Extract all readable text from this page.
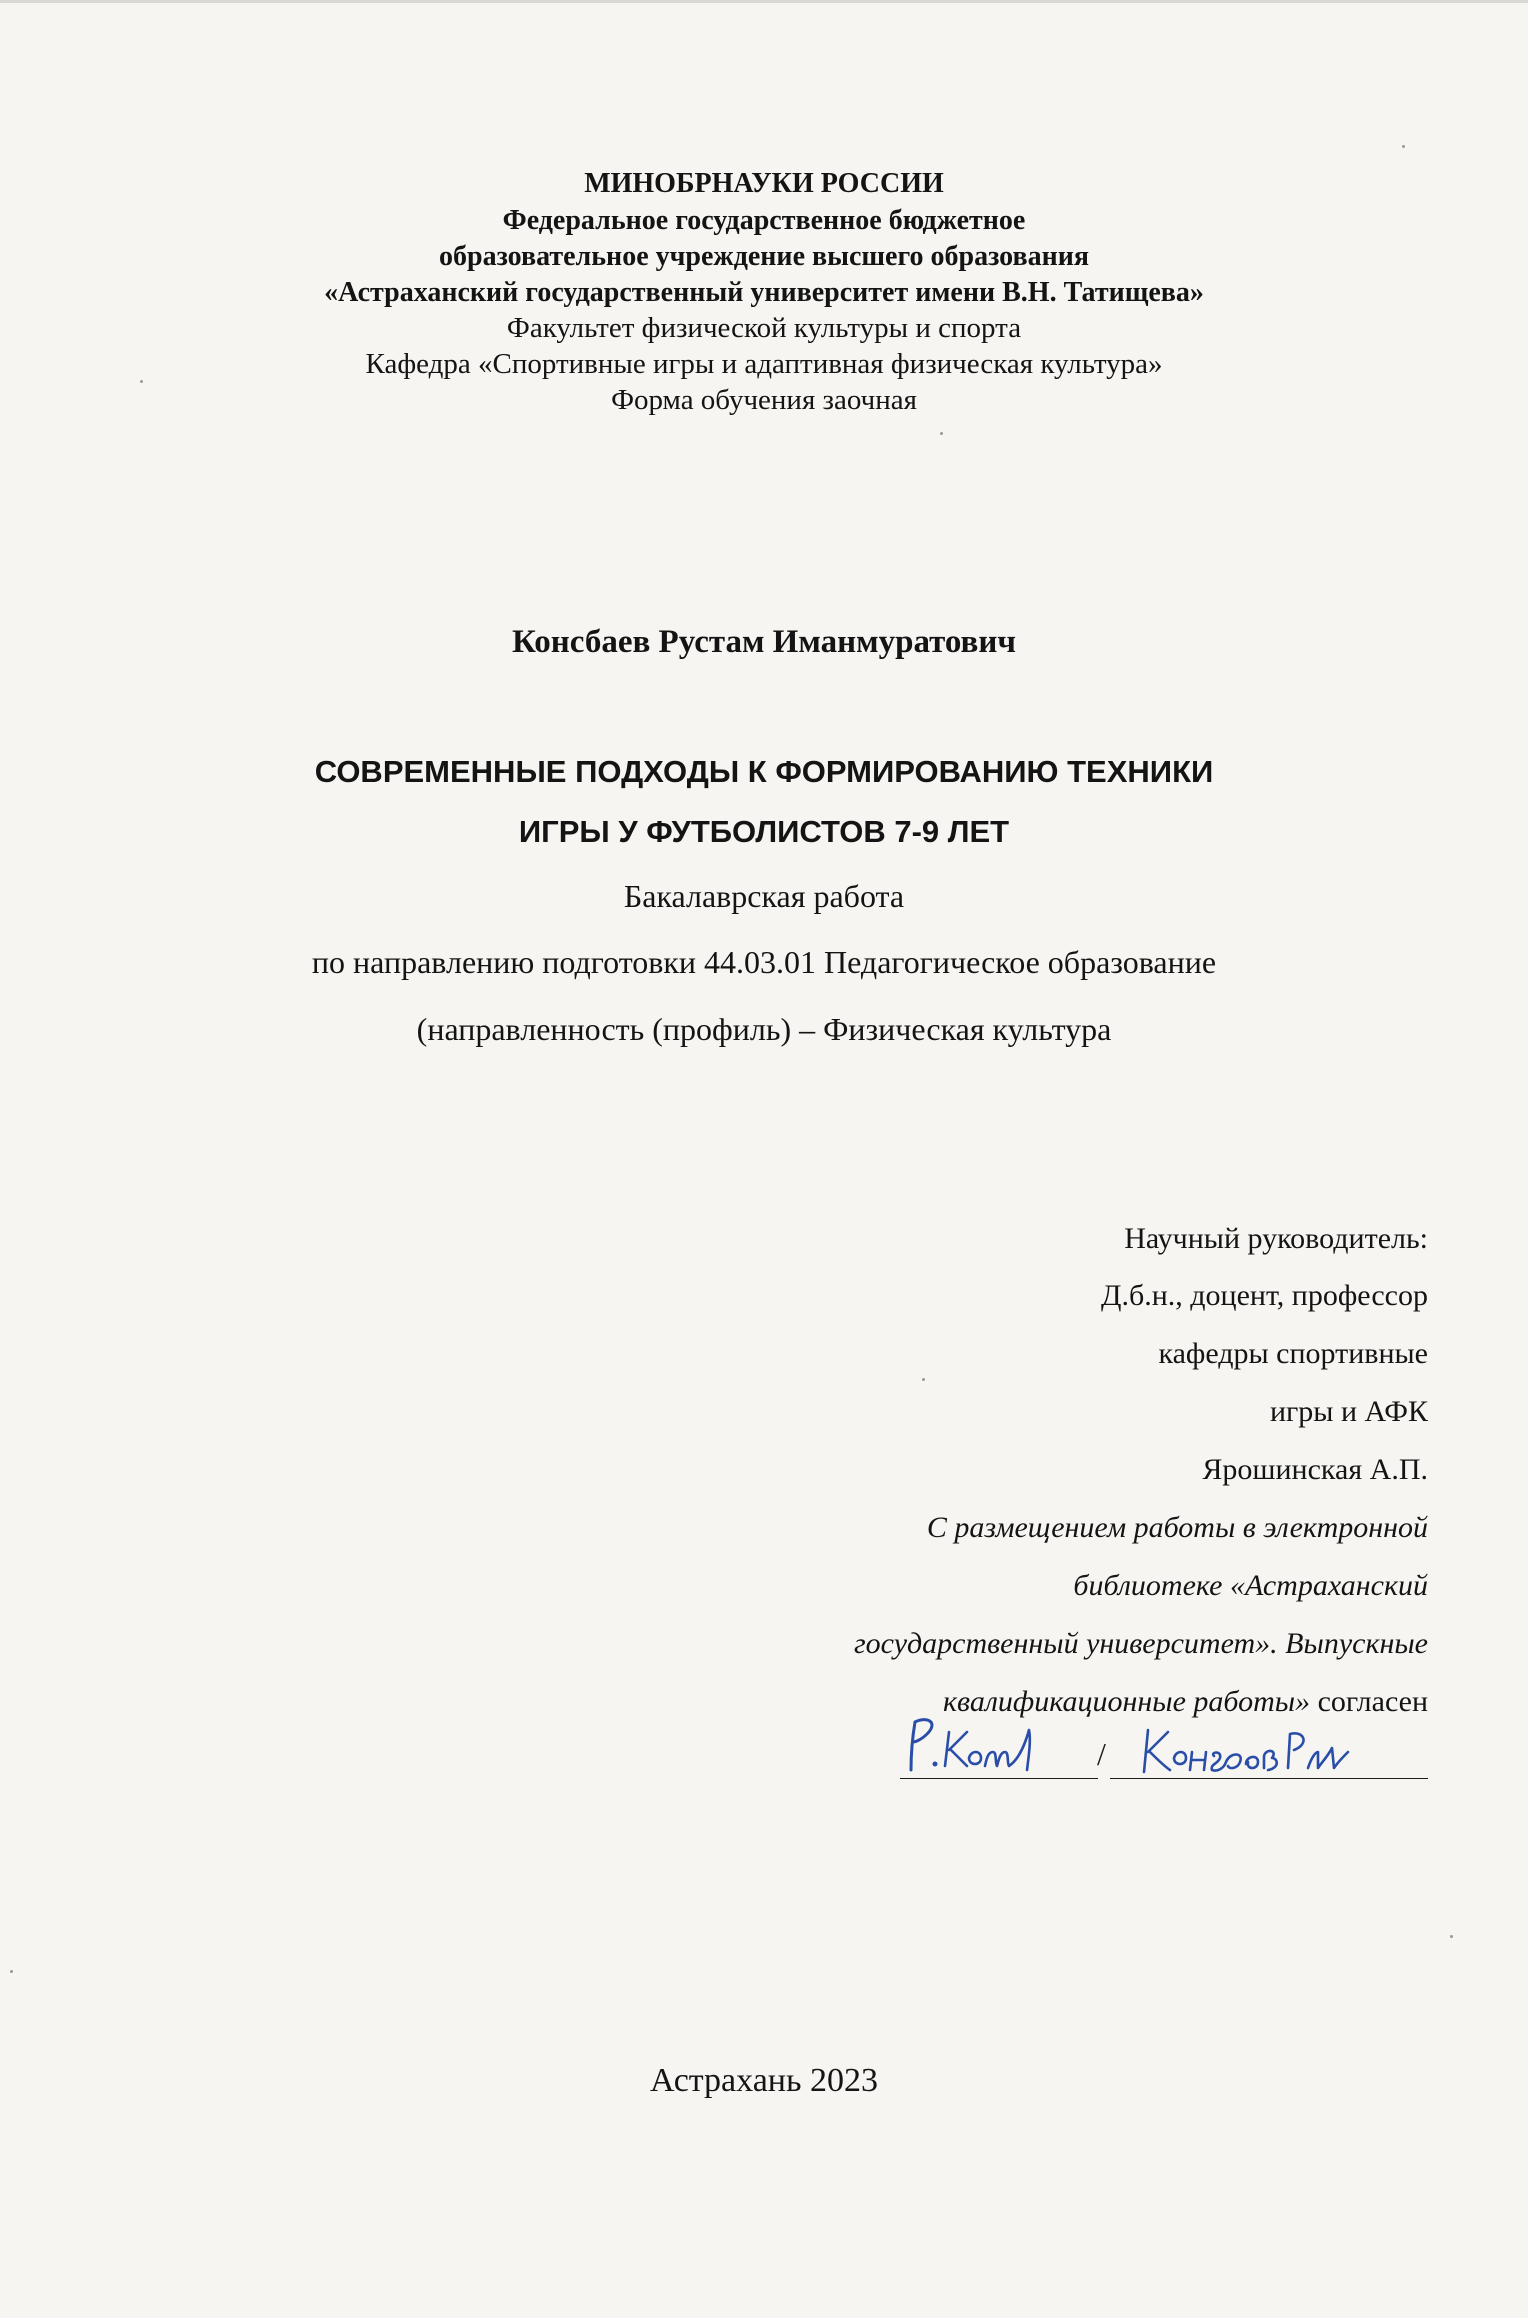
МИНОБРНАУКИ РОССИИ
Федеральное государственное бюджетное
образовательное учреждение высшего образования
«Астраханский государственный университет имени В.Н. Татищева»
Факультет физической культуры и спорта
Кафедра «Спортивные игры и адаптивная физическая культура»
Форма обучения заочная
Консбаев Рустам Иманмуратович
СОВРЕМЕННЫЕ ПОДХОДЫ К ФОРМИРОВАНИЮ ТЕХНИКИ
ИГРЫ У ФУТБОЛИСТОВ 7-9 ЛЕТ
Бакалаврская работа
по направлению подготовки 44.03.01 Педагогическое образование
(направленность (профиль) – Физическая культура
Научный руководитель:
Д.б.н., доцент, профессор
кафедры спортивные
игры и АФК
Ярошинская А.П.
С размещением работы в электронной
библиотеке «Астраханский
государственный университет». Выпускные
квалификационные работы» согласен
/
Астрахань 2023
